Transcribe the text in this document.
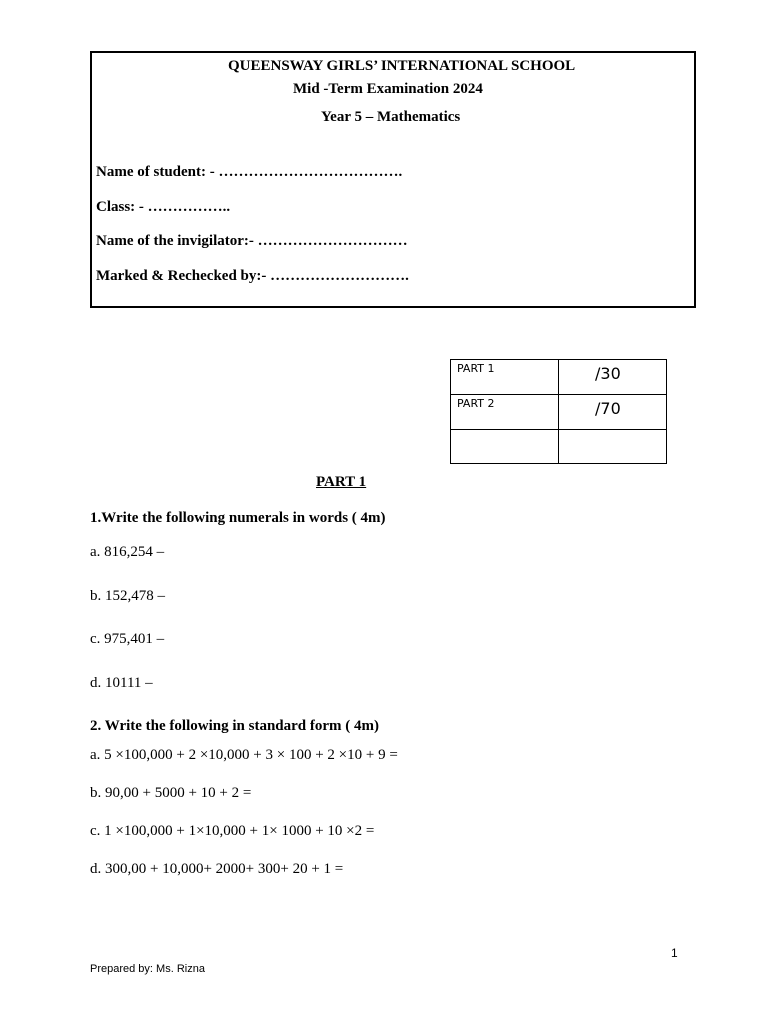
QUEENSWAY GIRLS’ INTERNATIONAL SCHOOL
Mid -Term Examination 2024
Year 5 – Mathematics
Name of student: - ……………………………….
Class: - ……………..
Name of the invigilator:- …………………………
Marked & Rechecked by:- ……………………….
PART 1	/30

PART 2	/70

PART 1
1.Write the following numerals in words ( 4m)
a. 816,254 –
b. 152,478 –
c. 975,401 –
d. 10111 –
2. Write the following in standard form ( 4m)
a. 5 ×100,000 + 2 ×10,000 + 3 × 100 + 2 ×10 + 9 =
b. 90,00 + 5000 + 10 + 2 =
c. 1 ×100,000 + 1×10,000 + 1× 1000 + 10 ×2 =
d. 300,00 + 10,000+ 2000+ 300+ 20 + 1 =
1
Prepared by: Ms. Rizna
